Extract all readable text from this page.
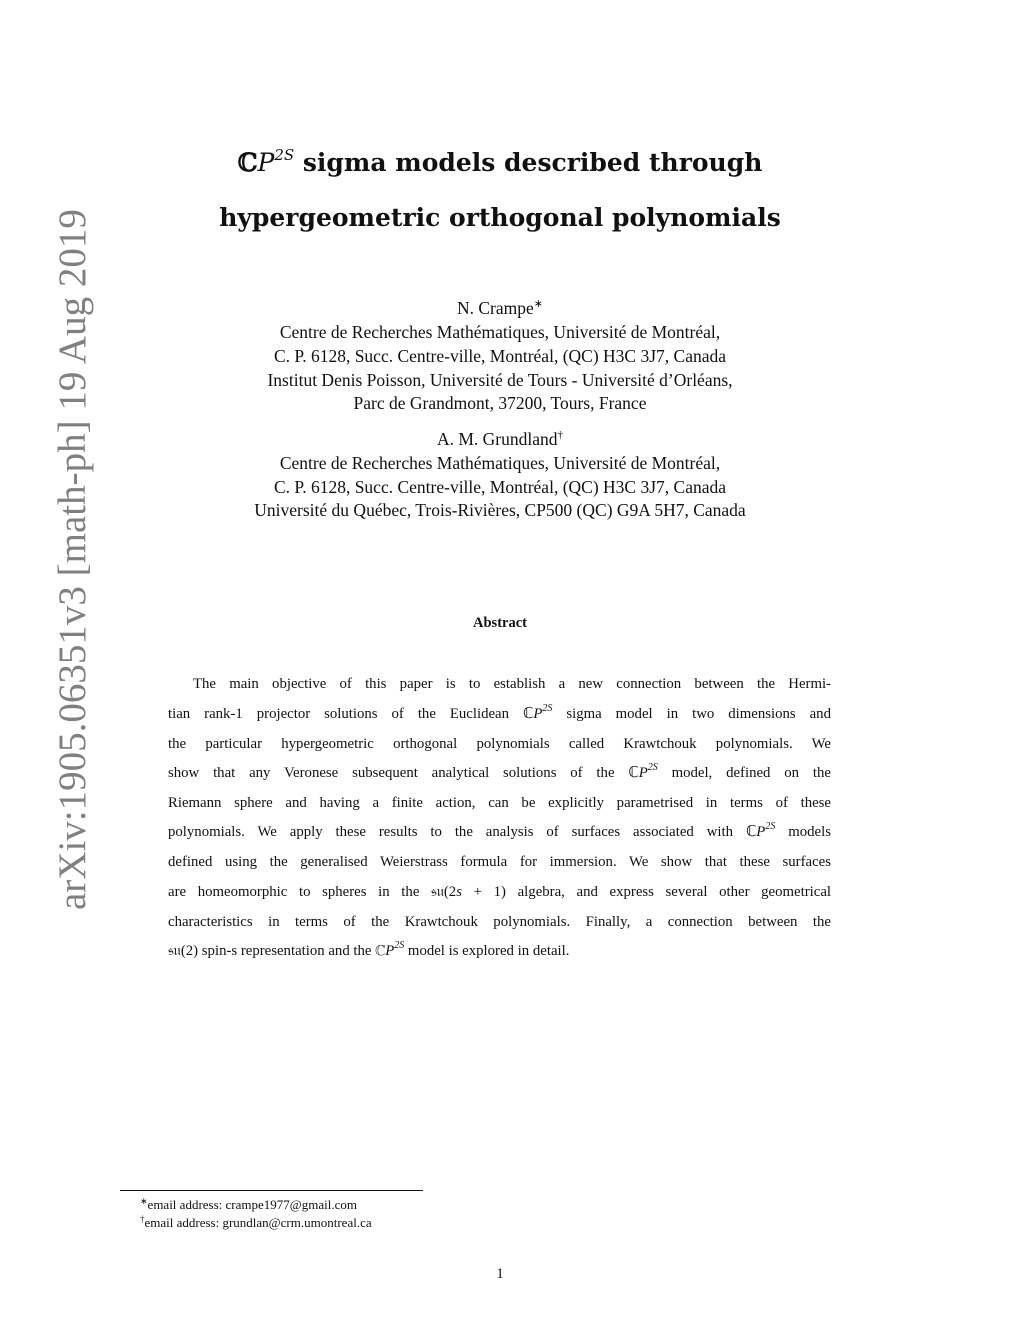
arXiv:1905.06351v3 [math-ph] 19 Aug 2019
ℂP$^{2S}$ sigma models described through
hypergeometric orthogonal polynomials
N. Crampe∗
Centre de Recherches Mathématiques, Université de Montréal,
C. P. 6128, Succ. Centre-ville, Montréal, (QC) H3C 3J7, Canada
Institut Denis Poisson, Université de Tours - Université d’Orléans,
Parc de Grandmont, 37200, Tours, France
A. M. Grundland†
Centre de Recherches Mathématiques, Université de Montréal,
C. P. 6128, Succ. Centre-ville, Montréal, (QC) H3C 3J7, Canada
Université du Québec, Trois-Rivières, CP500 (QC) G9A 5H7, Canada
Abstract
The main objective of this paper is to establish a new connection between the Hermi-
tian rank-1 projector solutions of the Euclidean ℂP$^{2S}$ sigma model in two dimensions and
the particular hypergeometric orthogonal polynomials called Krawtchouk polynomials. We
show that any Veronese subsequent analytical solutions of the ℂP$^{2S}$ model, defined on the
Riemann sphere and having a finite action, can be explicitly parametrised in terms of these
polynomials. We apply these results to the analysis of surfaces associated with ℂP$^{2S}$ models
defined using the generalised Weierstrass formula for immersion. We show that these surfaces
are homeomorphic to spheres in the 𝔰𝔲(2s + 1) algebra, and express several other geometrical
characteristics in terms of the Krawtchouk polynomials. Finally, a connection between the
𝔰𝔲(2) spin-s representation and the ℂP$^{2S}$ model is explored in detail.
∗email address: crampe1977@gmail.com
†email address: grundlan@crm.umontreal.ca
1
